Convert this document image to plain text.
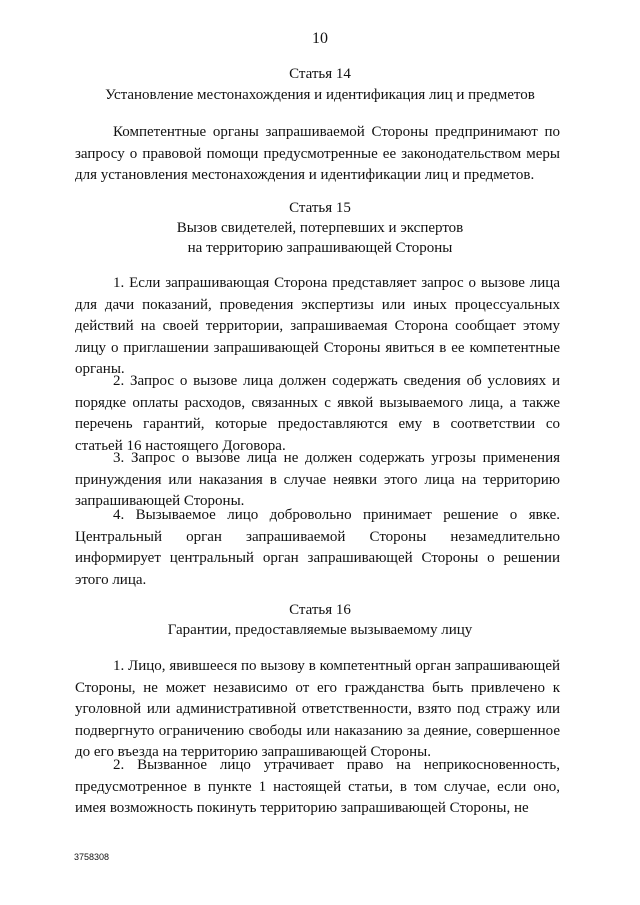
10
Статья 14
Установление местонахождения и идентификация лиц и предметов
Компетентные органы запрашиваемой Стороны предпринимают по запросу о правовой помощи предусмотренные ее законодательством меры для установления местонахождения и идентификации лиц и предметов.
Статья 15
Вызов свидетелей, потерпевших и экспертов
на территорию запрашивающей Стороны
1. Если запрашивающая Сторона представляет запрос о вызове лица для дачи показаний, проведения экспертизы или иных процессуальных действий на своей территории, запрашиваемая Сторона сообщает этому лицу о приглашении запрашивающей Стороны явиться в ее компетентные органы.
2. Запрос о вызове лица должен содержать сведения об условиях и порядке оплаты расходов, связанных с явкой вызываемого лица, а также перечень гарантий, которые предоставляются ему в соответствии со статьей 16 настоящего Договора.
3. Запрос о вызове лица не должен содержать угрозы применения принуждения или наказания в случае неявки этого лица на территорию запрашивающей Стороны.
4. Вызываемое лицо добровольно принимает решение о явке. Центральный орган запрашиваемой Стороны незамедлительно информирует центральный орган запрашивающей Стороны о решении этого лица.
Статья 16
Гарантии, предоставляемые вызываемому лицу
1. Лицо, явившееся по вызову в компетентный орган запрашивающей Стороны, не может независимо от его гражданства быть привлечено к уголовной или административной ответственности, взято под стражу или подвергнуто ограничению свободы или наказанию за деяние, совершенное до его въезда на территорию запрашивающей Стороны.
2. Вызванное лицо утрачивает право на неприкосновенность, предусмотренное в пункте 1 настоящей статьи, в том случае, если оно, имея возможность покинуть территорию запрашивающей Стороны, не
3758308
